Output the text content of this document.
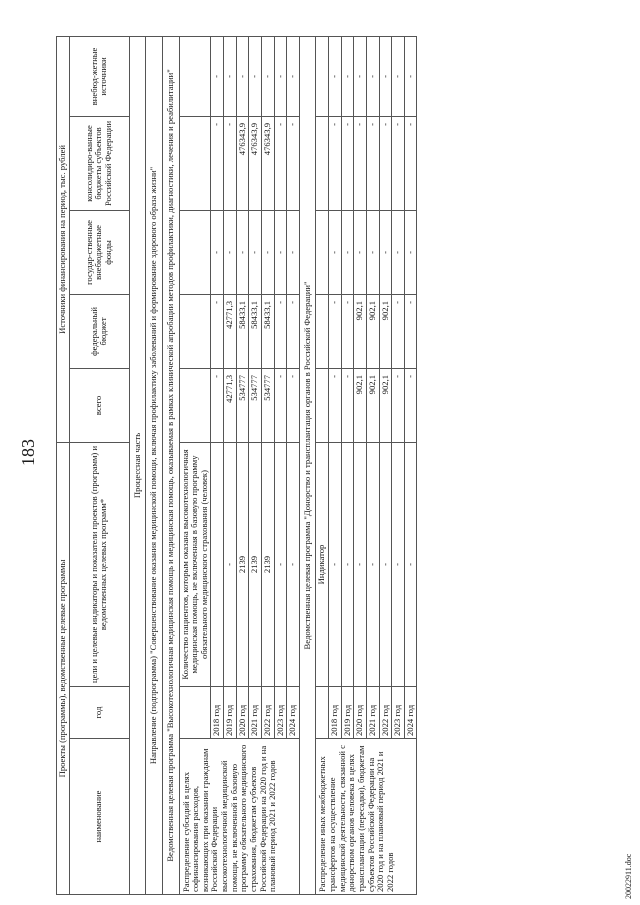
183
Проекты (программы), ведомственные целевые программы			Источники финансирования на период, тыс. рублей				
наименование	год	цели и целевые индикаторы и показатели проектов (программ) и ведомственных целевых программ*	всего	федеральный бюджет	государ-ственные внебюджетные фонды	консолидиро-ванные бюджеты субъектов Российской Федерации	внебюд-жетные источники
Процессная часть							
Направление (подпрограмма) "Совершенствование оказания медицинской помощи, включая профилактику заболеваний и формирование здорового образа жизни"							
Ведомственная целевая программа "Высокотехнологичная медицинская помощь и медицинская помощь, оказываемая в рамках клинической апробации методов профилактики, диагностики, лечения и реабилитации"							
Распределение субсидий в целях софинансирования расходов, возникающих при оказании гражданам Российской Федерации высокотехнологичной медицинской помощи, не включенной в базовую программу обязательного медицинского страхования, бюджетам субъектов Российской Федерации на 2020 год и на плановый период 2021 и 2022 годов		Количество пациентов, которым оказана высокотехнологичная медицинская помощь, не включенная в базовую программу обязательного медицинского страхования (человек)					
	2018 год		-	-	-	-	-
	2019 год	-	42771,3	42771,3	-	-	-
	2020 год	2139	534777	58433,1	-	476343,9	-
	2021 год	2139	534777	58433,1	-	476343,9	-
	2022 год	2139	534777	58433,1	-	476343,9	-
	2023 год	-	-	-	-	-	-
	2024 год	-	-	-	-	-	-
Ведомственная целевая программа "Донорство и трансплантация органов в Российской Федерации"							
Распределение иных межбюджетных трансфертов на осуществление медицинской деятельности, связанной с донорством органов человека в целях трансплантации (пересадки), бюджетам субъектов Российской Федерации на 2020 год и на плановый период 2021 и 2022 годов		Индикатор					
	2018 год	-	-	-	-	-	-
	2019 год	-	-	-	-	-	-
	2020 год	-	902,1	902,1	-	-	-
	2021 год	-	902,1	902,1	-	-	-
	2022 год	-	902,1	902,1	-	-	-
	2023 год	-	-	-	-	-	-
	2024 год	-	-	-	-	-	-
20022911.doc
